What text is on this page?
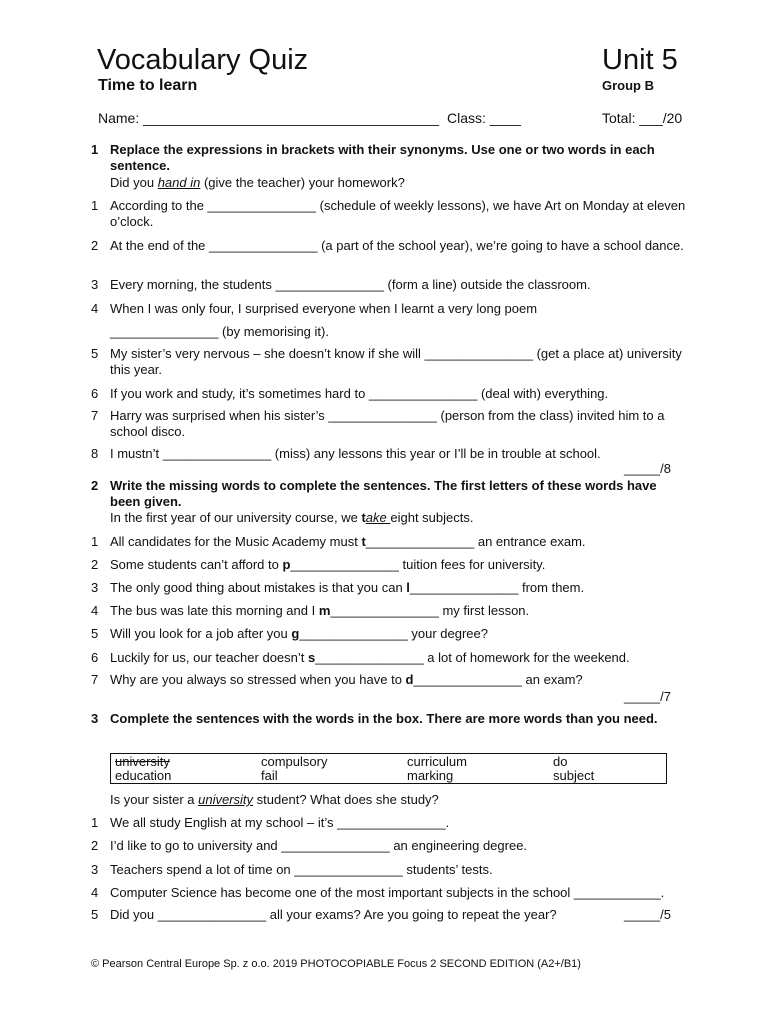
Vocabulary Quiz	Unit 5
Time to learn	Group B
Name: ______________________________________ Class: ____	Total: ___/20
1 Replace the expressions in brackets with their synonyms. Use one or two words in each sentence.
Did you hand in (give the teacher) your homework?
1 According to the _______________ (schedule of weekly lessons), we have Art on Monday at eleven o’clock.
2 At the end of the _______________ (a part of the school year), we’re going to have a school dance.
3 Every morning, the students _______________ (form a line) outside the classroom.
4 When I was only four, I surprised everyone when I learnt a very long poem
_______________ (by memorising it).
5 My sister’s very nervous – she doesn’t know if she will _______________ (get a place at) university this year.
6 If you work and study, it’s sometimes hard to _______________ (deal with) everything.
7 Harry was surprised when his sister’s _______________ (person from the class) invited him to a school disco.
8 I mustn’t _______________ (miss) any lessons this year or I’ll be in trouble at school.
_____/8
2 Write the missing words to complete the sentences. The first letters of these words have been given.
In the first year of our university course, we take eight subjects.
1 All candidates for the Music Academy must t_______________ an entrance exam.
2 Some students can’t afford to p_______________ tuition fees for university.
3 The only good thing about mistakes is that you can l_______________ from them.
4 The bus was late this morning and I m_______________ my first lesson.
5 Will you look for a job after you g_______________ your degree?
6 Luckily for us, our teacher doesn’t s_______________ a lot of homework for the weekend.
7 Why are you always so stressed when you have to d_______________ an exam?
_____/7
3 Complete the sentences with the words in the box. There are more words than you need.
university	compulsory	curriculum	do
education	fail	marking	subject
Is your sister a university student? What does she study?
1 We all study English at my school – it’s _______________.
2 I’d like to go to university and _______________ an engineering degree.
3 Teachers spend a lot of time on _______________ students’ tests.
4 Computer Science has become one of the most important subjects in the school ____________.
5 Did you _______________ all your exams? Are you going to repeat the year?	_____/5
© Pearson Central Europe Sp. z o.o. 2019 PHOTOCOPIABLE Focus 2 SECOND EDITION (A2+/B1)
